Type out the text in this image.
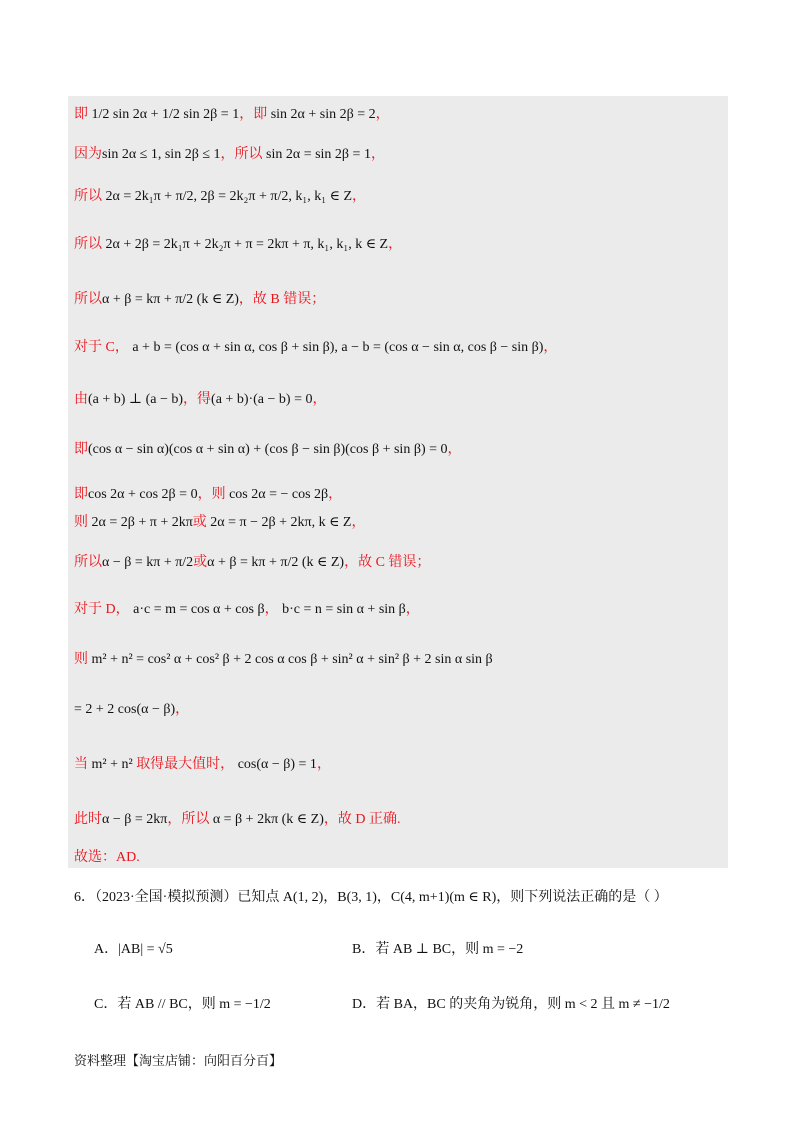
即 1/2 sin 2α + 1/2 sin 2β = 1，即 sin 2α + sin 2β = 2，
因为sin 2α ≤ 1, sin 2β ≤ 1，所以 sin 2α = sin 2β = 1，
所以 2α = 2k₁π + π/2, 2β = 2k₂π + π/2, k₁, k₁ ∈ Z，
所以 2α + 2β = 2k₁π + 2k₂π + π = 2kπ + π, k₁, k₁, k ∈ Z，
所以α + β = kπ + π/2 (k ∈ Z)，故 B 错误；
对于 C， a + b = (cos α + sin α, cos β + sin β), a − b = (cos α − sin α, cos β − sin β)，
由(a + b) ⊥ (a − b)，得(a + b)·(a − b) = 0，
即(cos α − sin α)(cos α + sin α) + (cos β − sin β)(cos β + sin β) = 0，
即cos 2α + cos 2β = 0，则 cos 2α = − cos 2β，
则 2α = 2β + π + 2kπ或 2α = π − 2β + 2kπ, k ∈ Z，
所以α − β = kπ + π/2或α + β = kπ + π/2 (k ∈ Z)，故 C 错误；
对于 D， a·c = m = cos α + cos β， b·c = n = sin α + sin β，
则 m² + n² = cos² α + cos² β + 2 cos α cos β + sin² α + sin² β + 2 sin α sin β
= 2 + 2 cos(α − β)，
当 m² + n² 取得最大值时， cos(α − β) = 1，
此时α − β = 2kπ，所以 α = β + 2kπ (k ∈ Z)，故 D 正确.
故选：AD.
6．（2023·全国·模拟预测）已知点 A(1, 2)，B(3, 1)，C(4, m+1)(m ∈ R)，则下列说法正确的是（ ）
A．|AB| = √5	B．若 AB ⊥ BC，则 m = −2
C．若 AB // BC，则 m = −1/2	D．若 BA，BC 的夹角为锐角，则 m < 2 且 m ≠ −1/2
资料整理【淘宝店铺：向阳百分百】
